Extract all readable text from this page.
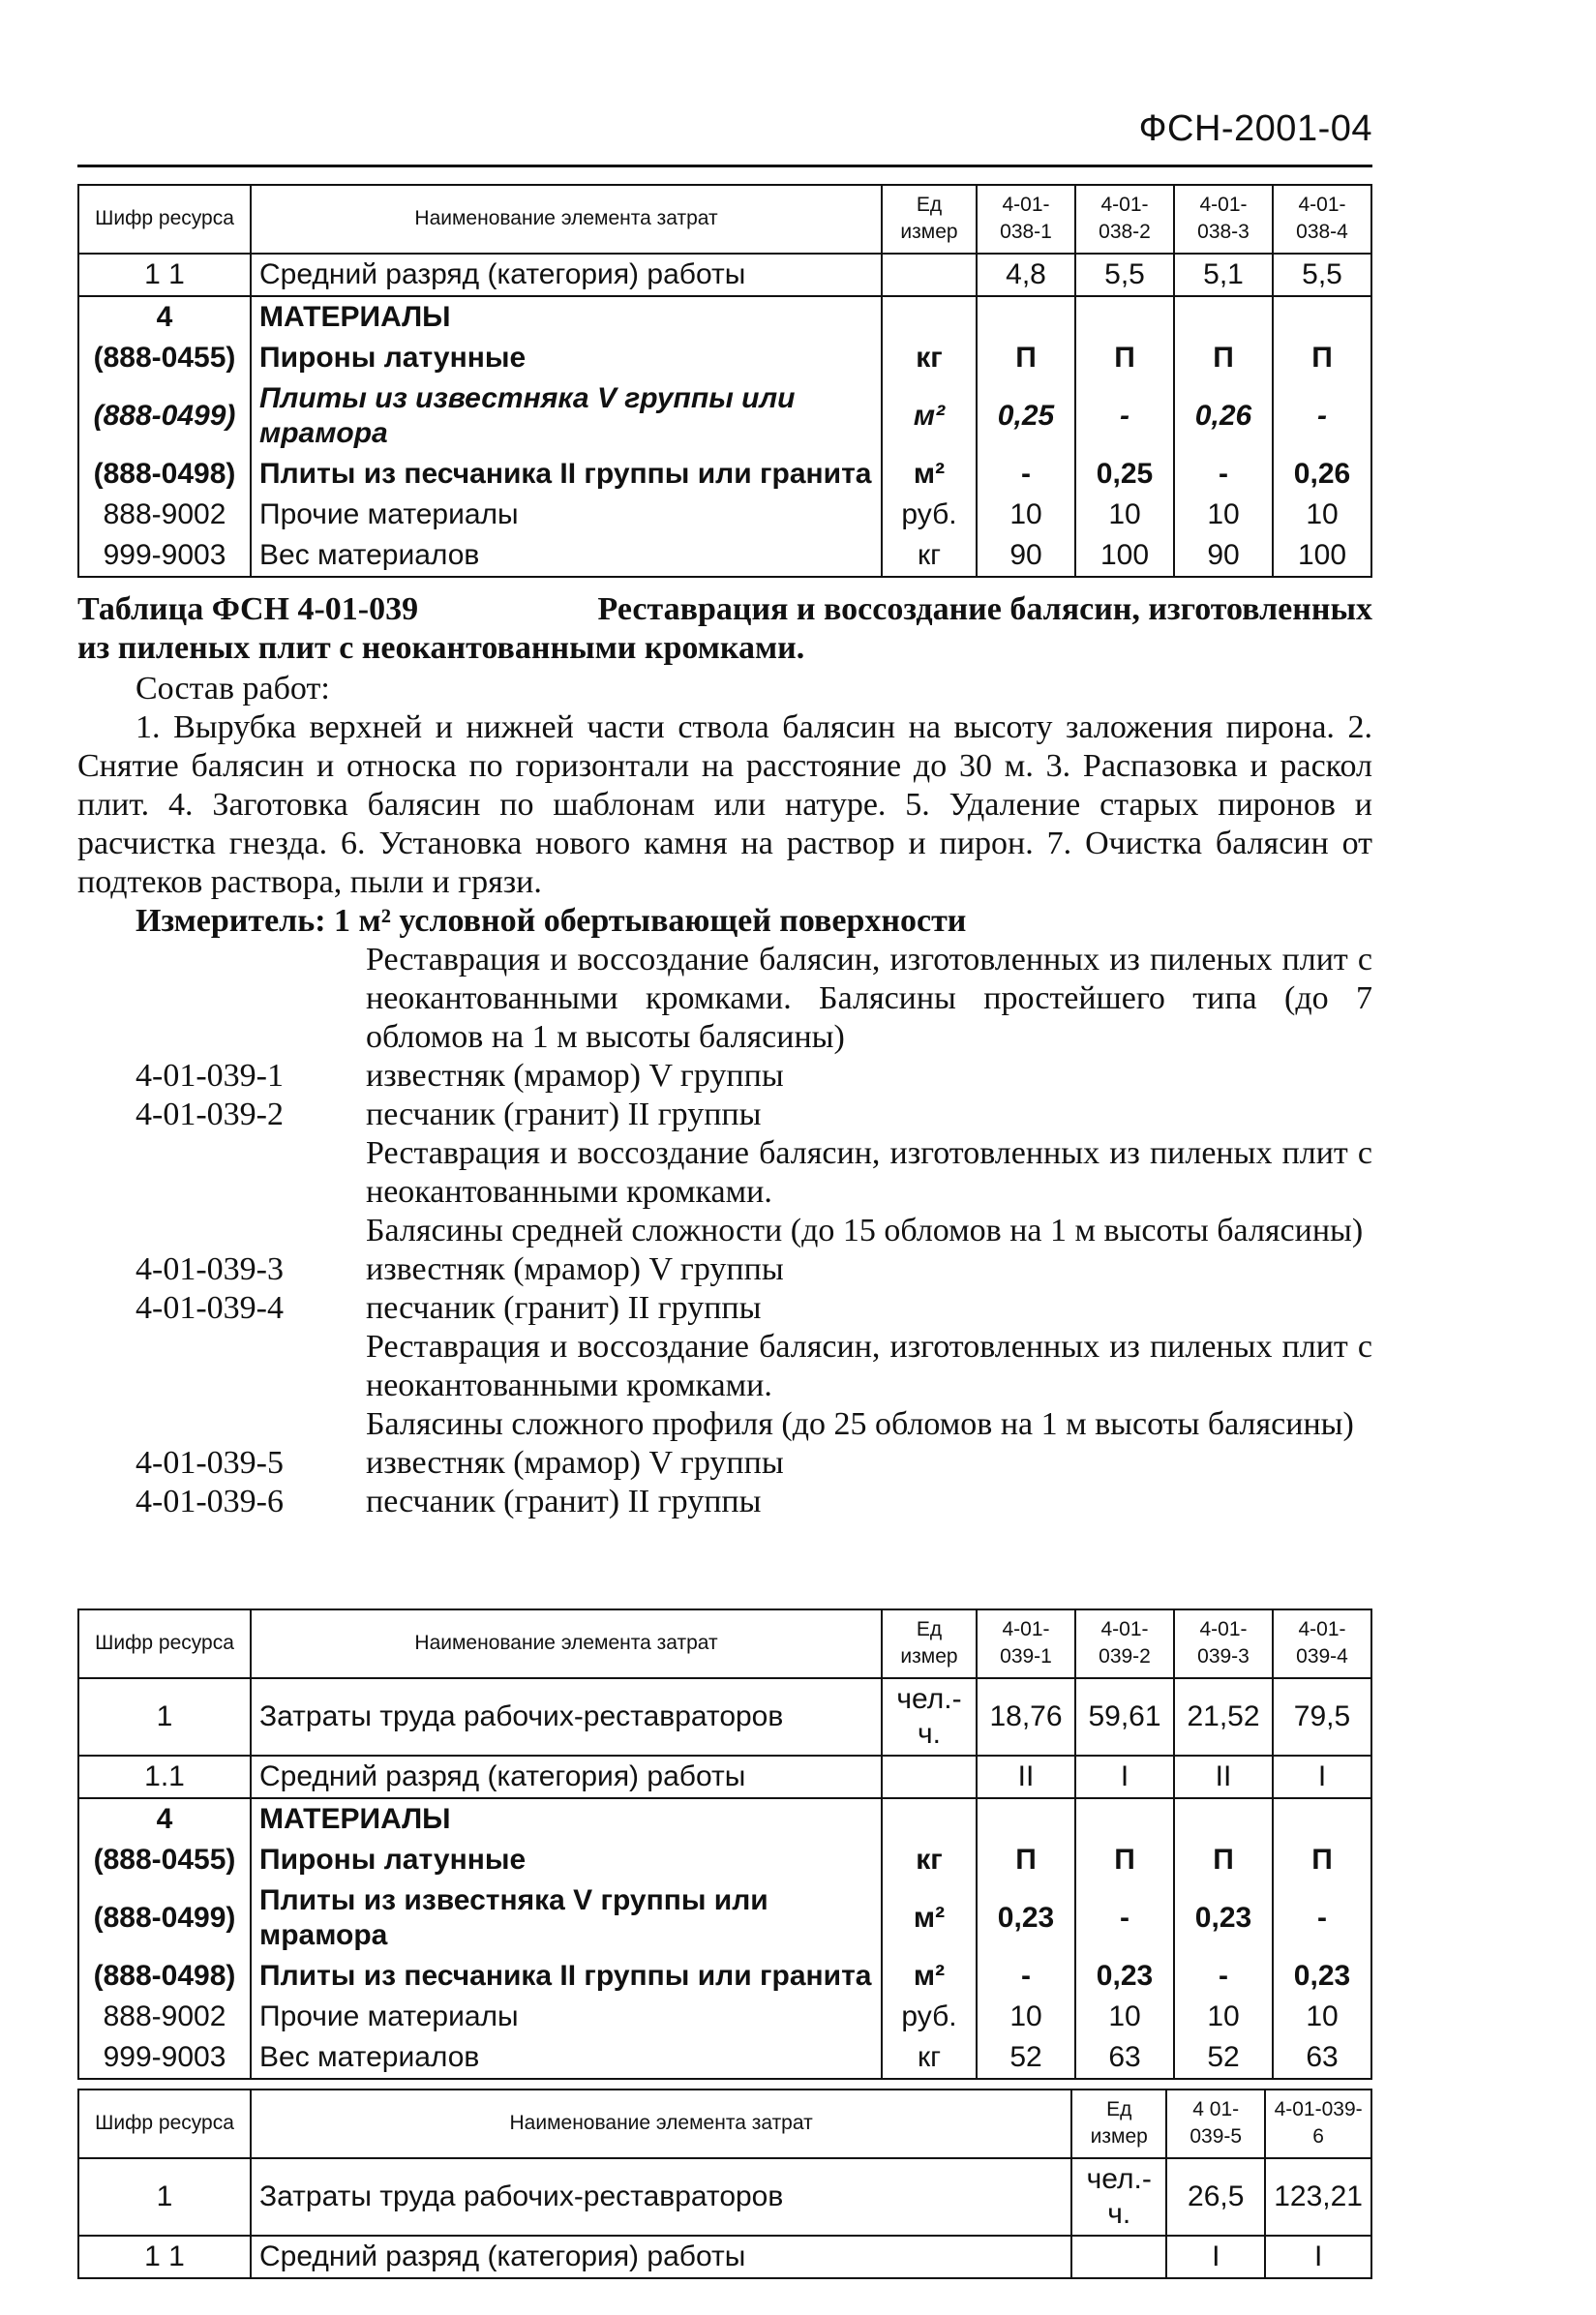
ФСН-2001-04
Шифр ресурса	Наименование элемента затрат	Ед измер	4-01-038-1	4-01-038-2	4-01-038-3	4-01-038-4
1 1	Средний разряд (категория) работы		4,8	5,5	5,1	5,5
4	МАТЕРИАЛЫ					
(888-0455)	Пироны латунные	кг	П	П	П	П
(888-0499)	Плиты из известняка V группы или мрамора	м²	0,25	-	0,26	-
(888-0498)	Плиты из песчаника II группы или гранита	м²	-	0,25	-	0,26
888-9002	Прочие материалы	руб.	10	10	10	10
999-9003	Вес материалов	кг	90	100	90	100
Реставрация и воссоздание балясин, изготовленных
Таблица ФСН 4-01-039
из пиленых плит с неокантованными кромками.
Состав работ:
1. Вырубка верхней и нижней части ствола балясин на высоту заложения пирона. 2. Снятие балясин и относка по горизонтали на расстояние до 30 м. 3. Распазовка и раскол плит. 4. Заготовка балясин по шаблонам или натуре. 5. Удаление старых пиронов и расчистка гнезда. 6. Установка нового камня на раствор и пирон. 7. Очистка балясин от подтеков раствора, пыли и грязи.
Измеритель: 1 м² условной обертывающей поверхности
Реставрация и воссоздание балясин, изготовленных из пиленых плит с неокантованными кромками. Балясины простейшего типа (до 7 обломов на 1 м высоты балясины)
4-01-039-1	известняк (мрамор) V группы
4-01-039-2	песчаник (гранит) II группы
Реставрация и воссоздание балясин, изготовленных из пиленых плит с неокантованными кромками.
Балясины средней сложности (до 15 обломов на 1 м высоты балясины)
4-01-039-3	известняк (мрамор) V группы
4-01-039-4	песчаник (гранит) II группы
Реставрация и воссоздание балясин, изготовленных из пиленых плит с неокантованными кромками.
Балясины сложного профиля (до 25 обломов на 1 м высоты балясины)
4-01-039-5	известняк (мрамор) V группы
4-01-039-6	песчаник (гранит) II группы
Шифр ресурса	Наименование элемента затрат	Ед измер	4-01-039-1	4-01-039-2	4-01-039-3	4-01-039-4
1	Затраты труда рабочих-реставраторов	чел.-ч.	18,76	59,61	21,52	79,5
1.1	Средний разряд (категория) работы		II	I	II	I
4	МАТЕРИАЛЫ					
(888-0455)	Пироны латунные	кг	П	П	П	П
(888-0499)	Плиты из известняка V группы или мрамора	м²	0,23	-	0,23	-
(888-0498)	Плиты из песчаника II группы или гранита	м²	-	0,23	-	0,23
888-9002	Прочие материалы	руб.	10	10	10	10
999-9003	Вес материалов	кг	52	63	52	63
Шифр ресурса	Наименование элемента затрат	Ед измер	4 01-039-5	4-01-039-6
1	Затраты труда рабочих-реставраторов	чел.-ч.	26,5	123,21
1 1	Средний разряд (категория) работы		I	I
